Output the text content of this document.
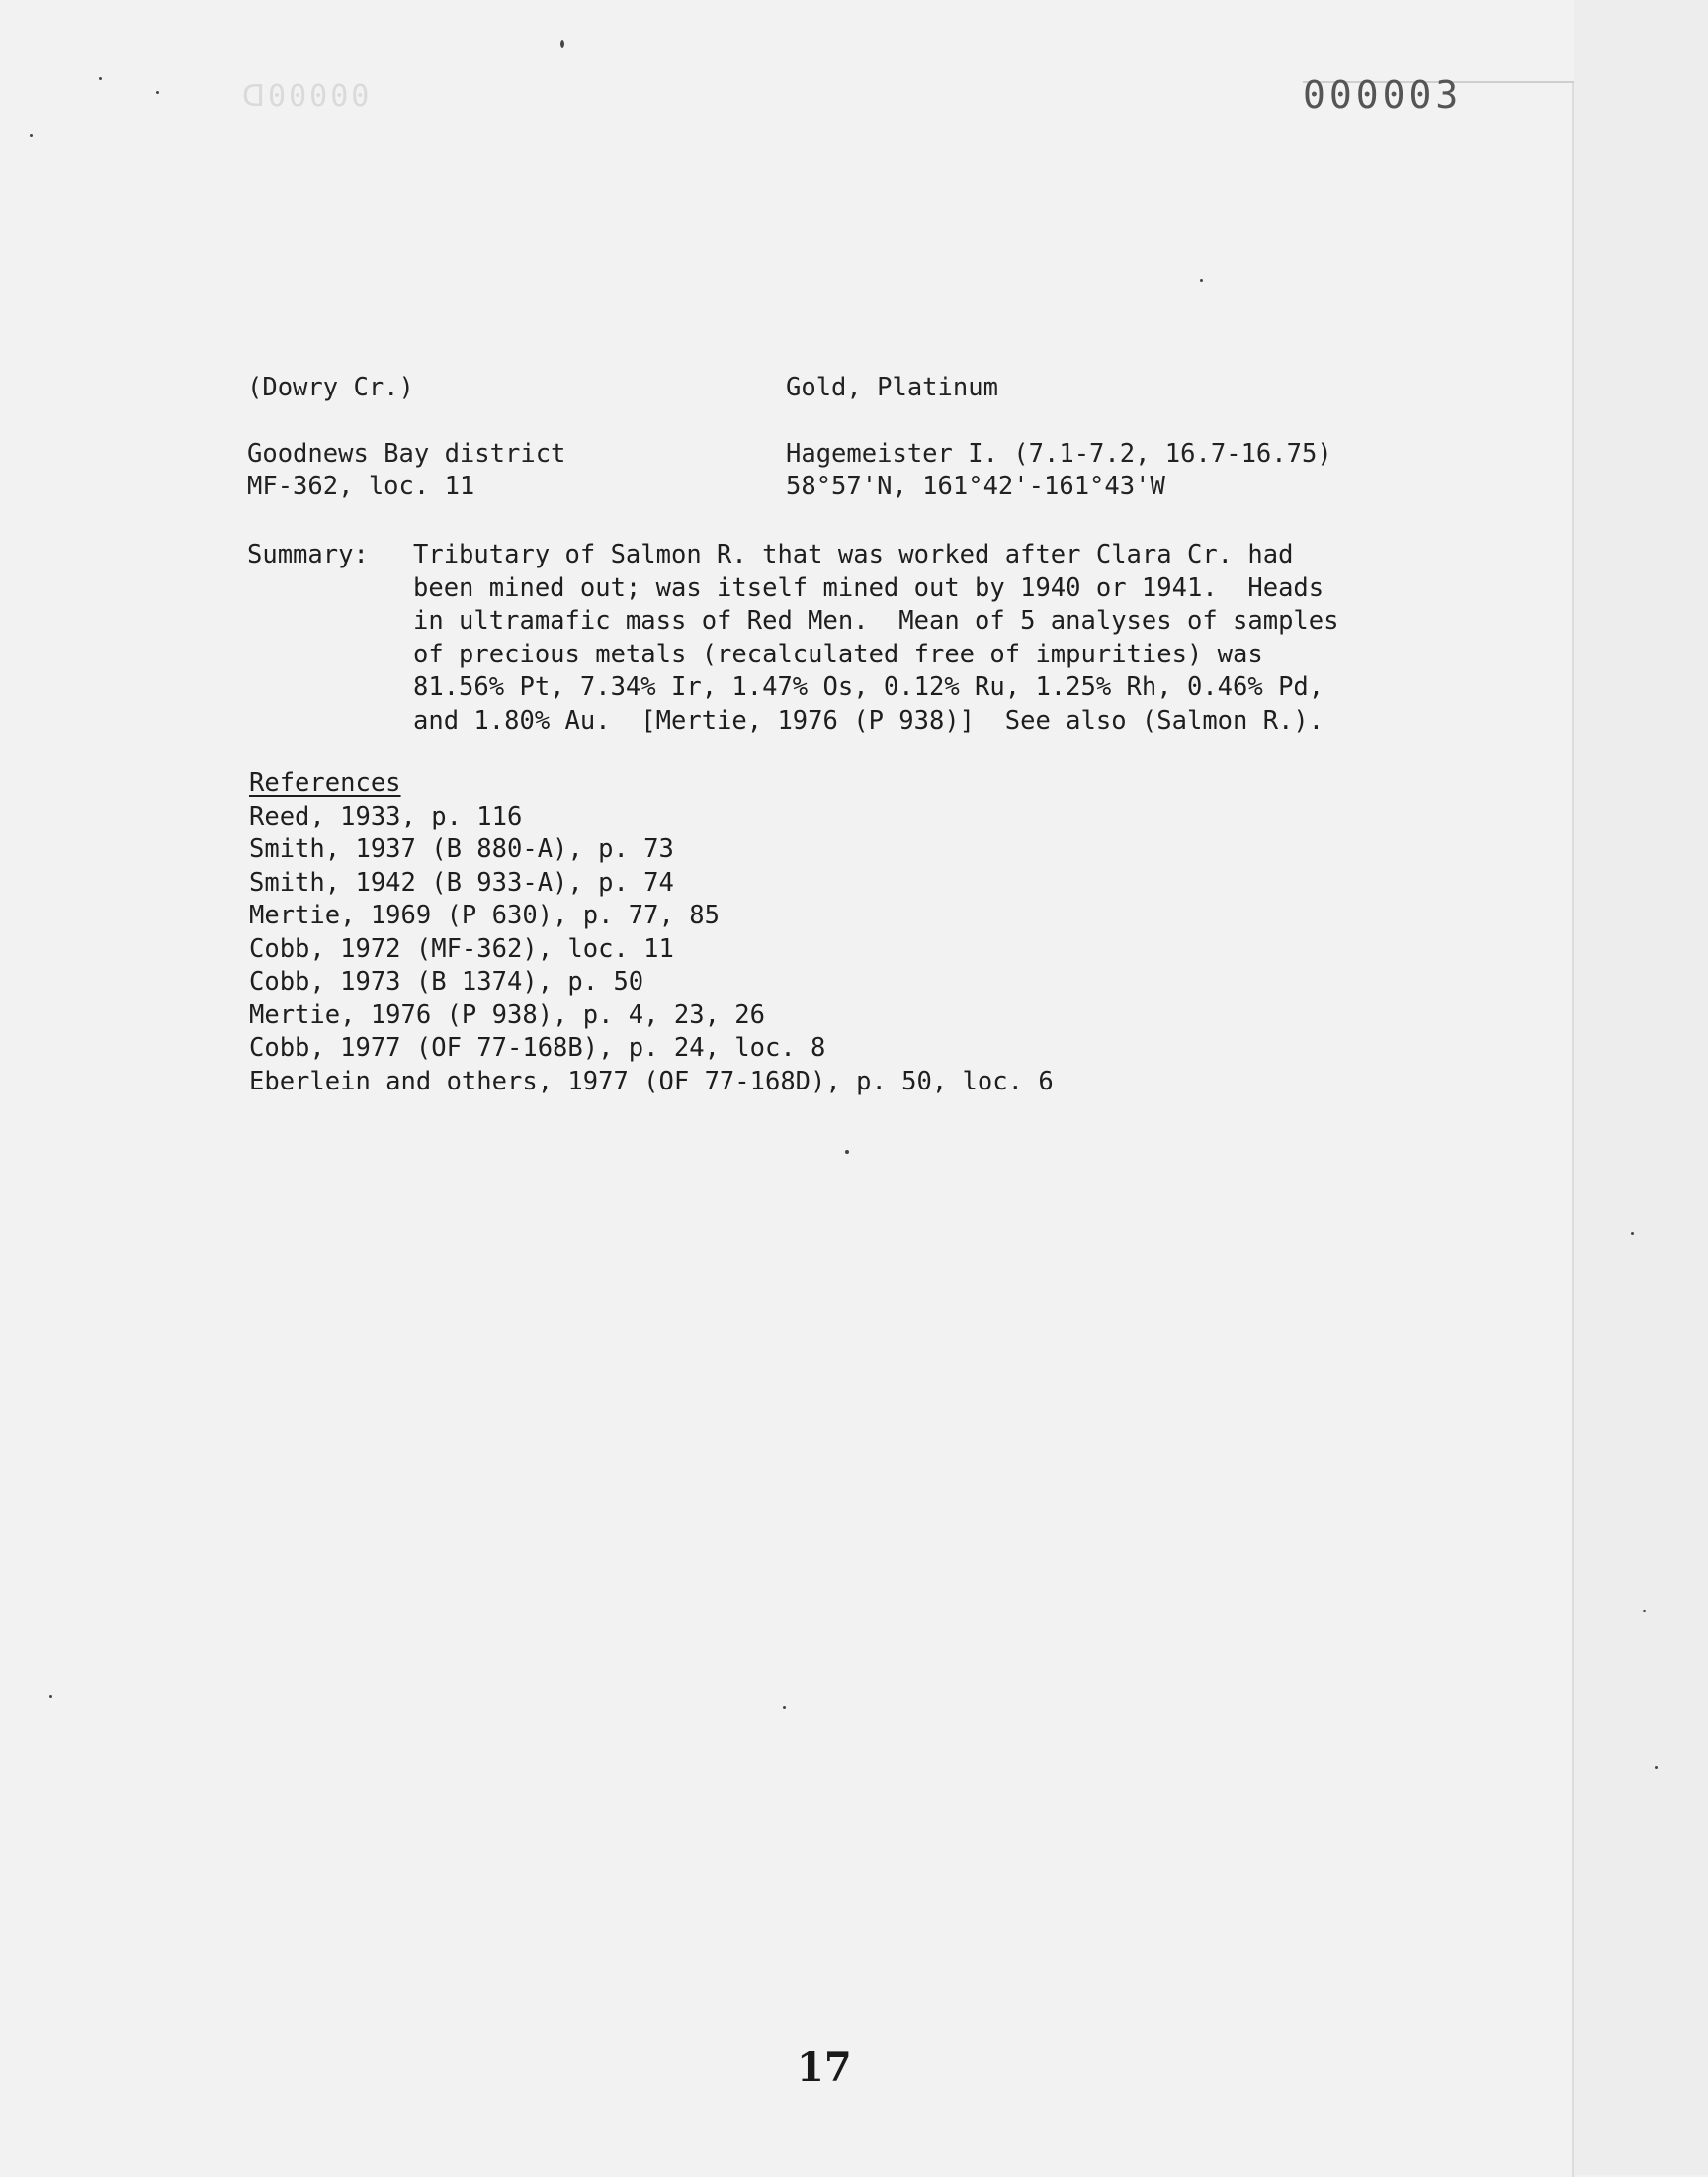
ᗡ00000	000003
(Dowry Cr.)	Gold, Platinum
Goodnews Bay district	Hagemeister I. (7.1-7.2, 16.7-16.75)
MF-362, loc. 11	58°57'N, 161°42'-161°43'W
Summary: Tributary of Salmon R. that was worked after Clara Cr. had
been mined out; was itself mined out by 1940 or 1941.  Heads
in ultramafic mass of Red Men.  Mean of 5 analyses of samples
of precious metals (recalculated free of impurities) was
81.56% Pt, 7.34% Ir, 1.47% Os, 0.12% Ru, 1.25% Rh, 0.46% Pd,
and 1.80% Au.  [Mertie, 1976 (P 938)]  See also (Salmon R.).
References
Reed, 1933, p. 116
Smith, 1937 (B 880-A), p. 73
Smith, 1942 (B 933-A), p. 74
Mertie, 1969 (P 630), p. 77, 85
Cobb, 1972 (MF-362), loc. 11
Cobb, 1973 (B 1374), p. 50
Mertie, 1976 (P 938), p. 4, 23, 26
Cobb, 1977 (OF 77-168B), p. 24, loc. 8
Eberlein and others, 1977 (OF 77-168D), p. 50, loc. 6
17
